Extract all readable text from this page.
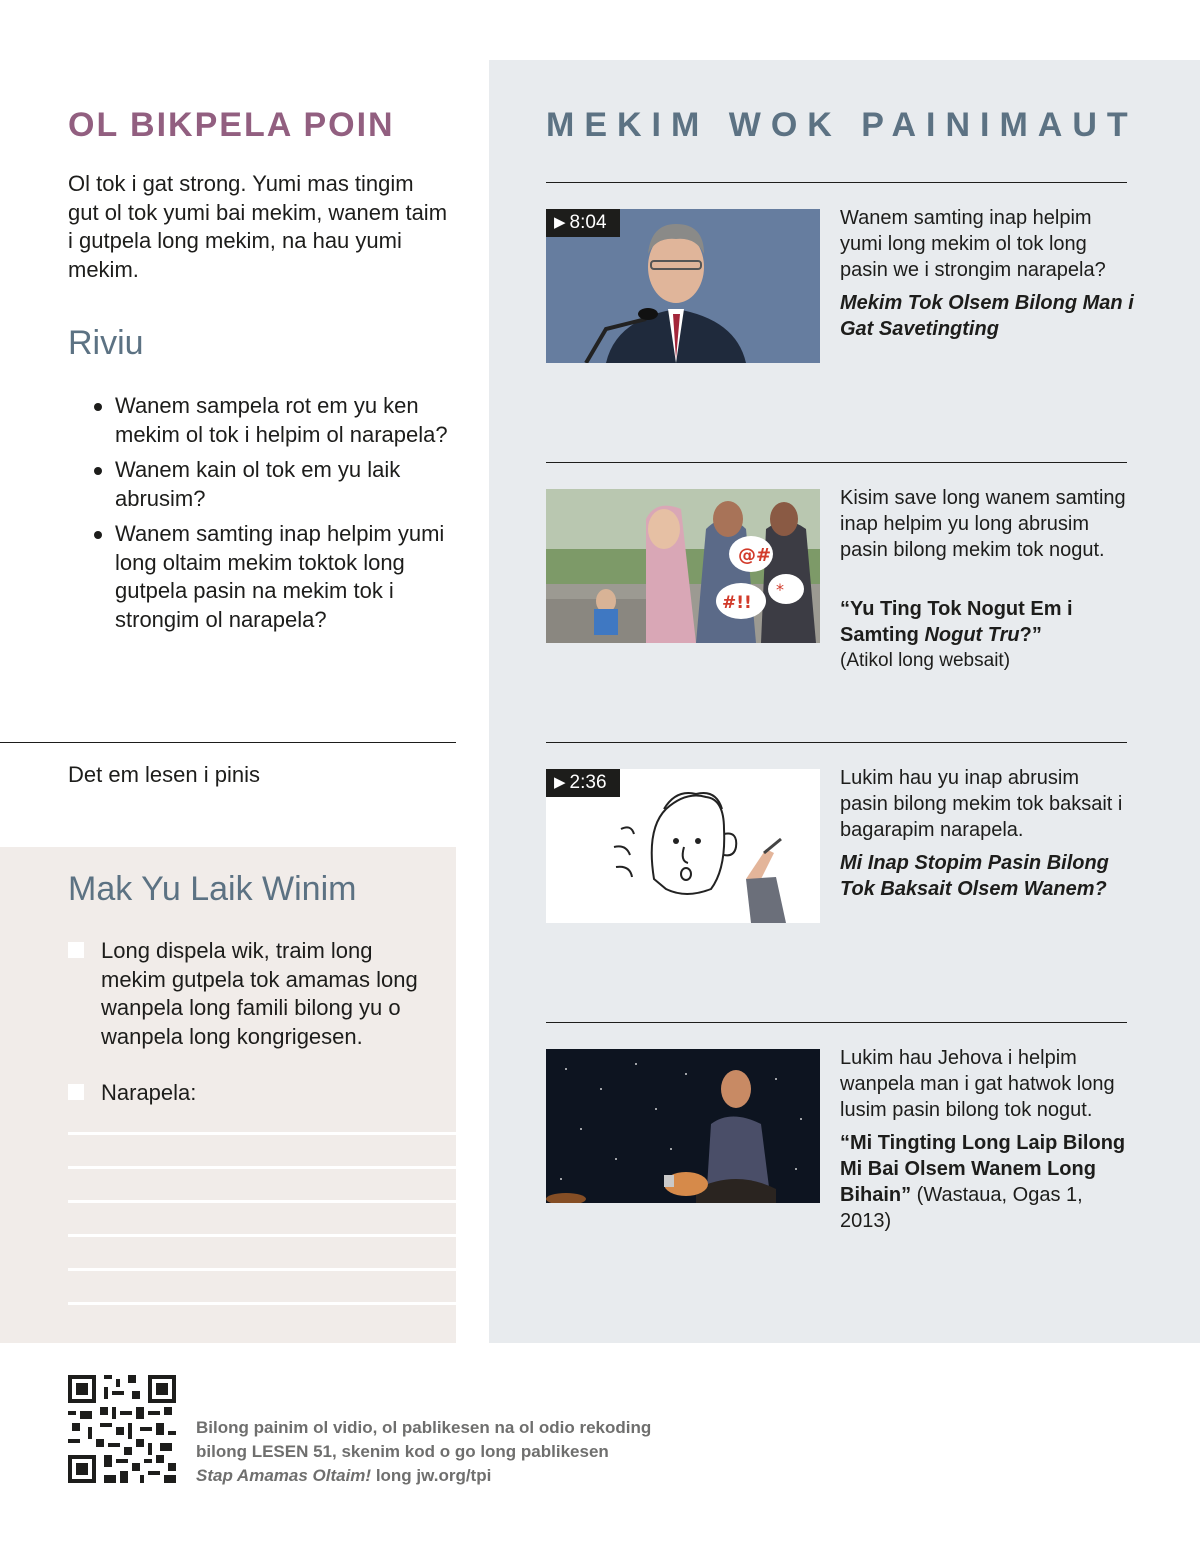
OL BIKPELA POIN

Ol tok i gat strong. Yumi mas tingim gut ol tok yumi bai mekim, wanem taim i gutpela long mekim, na hau yumi mekim.

Riviu
Wanem sampela rot em yu ken mekim ol tok i helpim ol narapela?
Wanem kain ol tok em yu laik abrusim?
Wanem samting inap helpim yumi long oltaim mekim toktok long gutpela pasin na mekim tok i strongim ol narapela?

Det em lesen i pinis

Mak Yu Laik Winim
Long dispela wik, traim long mekim gutpela tok amamas long wanpela long famili bilong yu o wanpela long kongrigesen.
Narapela:
MEKIM WOK PAINIMAUT
▶ 8:04	Wanem samting inap helpim yumi long mekim ol tok long pasin we i strongim narapela?

Mekim Tok Olsem Bilong Man i Gat Savetingting

@#
*
#!!

Kisim save long wanem samting inap helpim yu long abrusim pasin bilong mekim tok nogut.

“Yu Ting Tok Nogut Em i Samting Nogut Tru?”

(Atikol long websait)

▶ 2:36	Lukim hau yu inap abrusim pasin bilong mekim tok baksait i bagarapim narapela.

Mi Inap Stopim Pasin Bilong Tok Baksait Olsem Wanem?

Lukim hau Jehova i helpim wanpela man i gat hatwok long lusim pasin bilong tok nogut.

“Mi Tingting Long Laip Bilong Mi Bai Olsem Wanem Long Bihain” (Wastaua, Ogas 1, 2013)

Bilong painim ol vidio, ol pablikesen na ol odio rekoding
bilong LESEN 51, skenim kod o go long pablikesen
Stap Amamas Oltaim! long jw.org/tpi
